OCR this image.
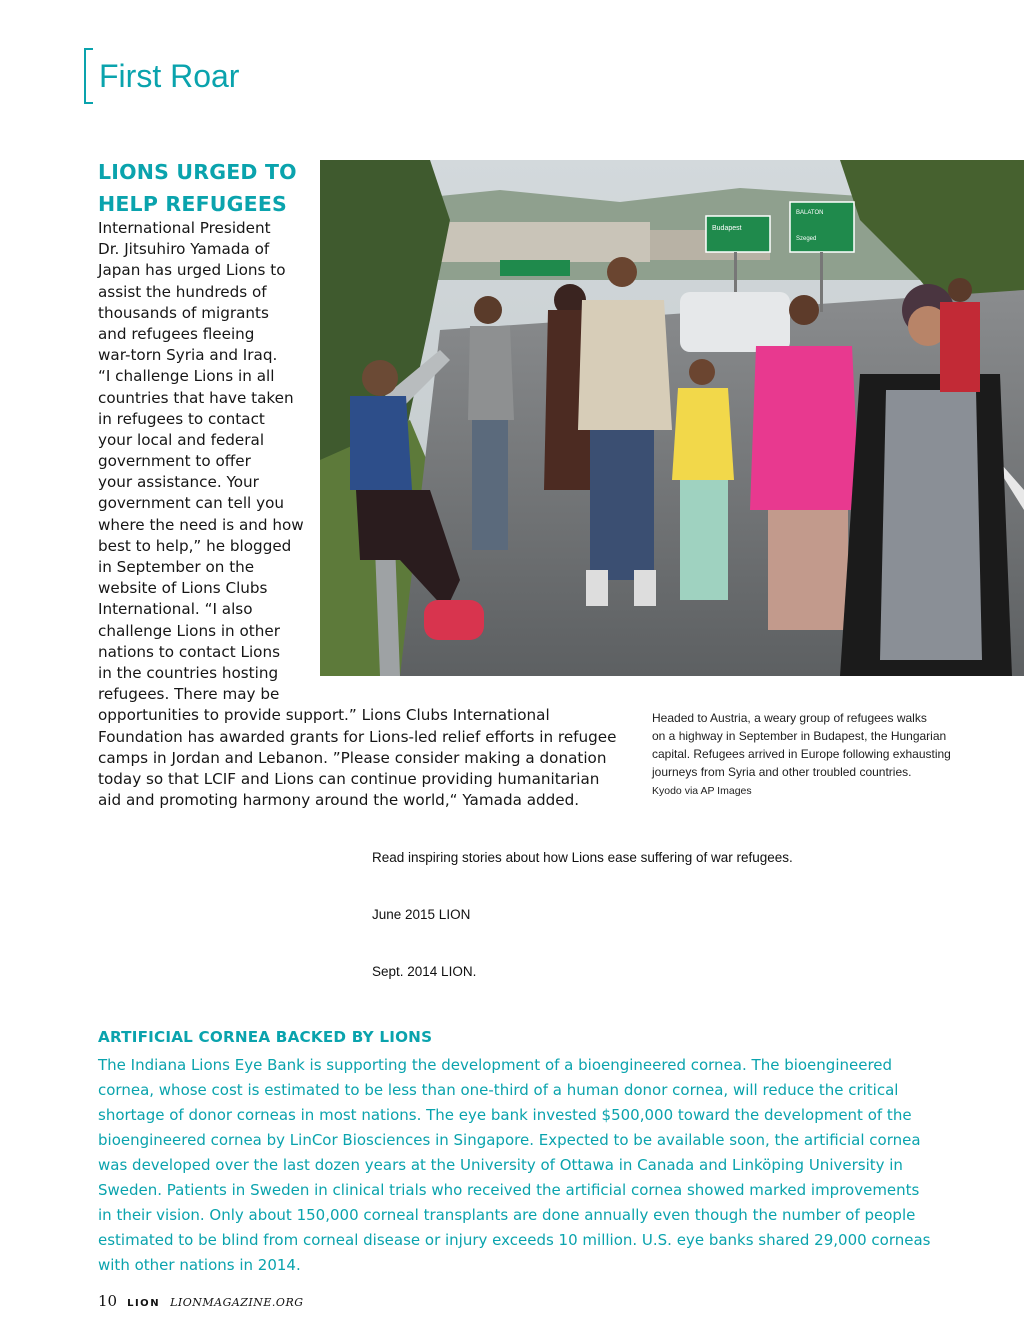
First Roar
LIONS URGED TO
HELP REFUGEES
Budapest
BALATON
Szeged
International President
Dr. Jitsuhiro Yamada of
Japan has urged Lions to
assist the hundreds of
thousands of migrants
and refugees fleeing
war-torn Syria and Iraq.
“I challenge Lions in all
countries that have taken
in refugees to contact
your local and federal
government to offer
your assistance. Your
government can tell you
where the need is and how
best to help,” he blogged
in September on the
website of Lions Clubs
International. “I also
challenge Lions in other
nations to contact Lions
in the countries hosting
refugees. There may be
opportunities to provide support.” Lions Clubs International
Foundation has awarded grants for Lions-led relief efforts in refugee
camps in Jordan and Lebanon. ”Please consider making a donation
today so that LCIF and Lions can continue providing humanitarian
aid and promoting harmony around the world,“ Yamada added.
Headed to Austria, a weary group of refugees walks
on a highway in September in Budapest, the Hungarian
capital. Refugees arrived in Europe following exhausting
journeys from Syria and other troubled countries.
Kyodo via AP Images
Read inspiring stories about how Lions ease suffering of war refugees.
June 2015 LION
Sept. 2014 LION.
ARTIFICIAL CORNEA BACKED BY LIONS
The Indiana Lions Eye Bank is supporting the development of a bioengineered cornea. The bioengineered
cornea, whose cost is estimated to be less than one-third of a human donor cornea, will reduce the critical
shortage of donor corneas in most nations. The eye bank invested $500,000 toward the development of the
bioengineered cornea by LinCor Biosciences in Singapore. Expected to be available soon, the artificial cornea
was developed over the last dozen years at the University of Ottawa in Canada and Linköping University in
Sweden. Patients in Sweden in clinical trials who received the artificial cornea showed marked improvements
in their vision. Only about 150,000 corneal transplants are done annually even though the number of people
estimated to be blind from corneal disease or injury exceeds 10 million. U.S. eye banks shared 29,000 corneas
with other nations in 2014.
10 LION LIONMAGAZINE.ORG
